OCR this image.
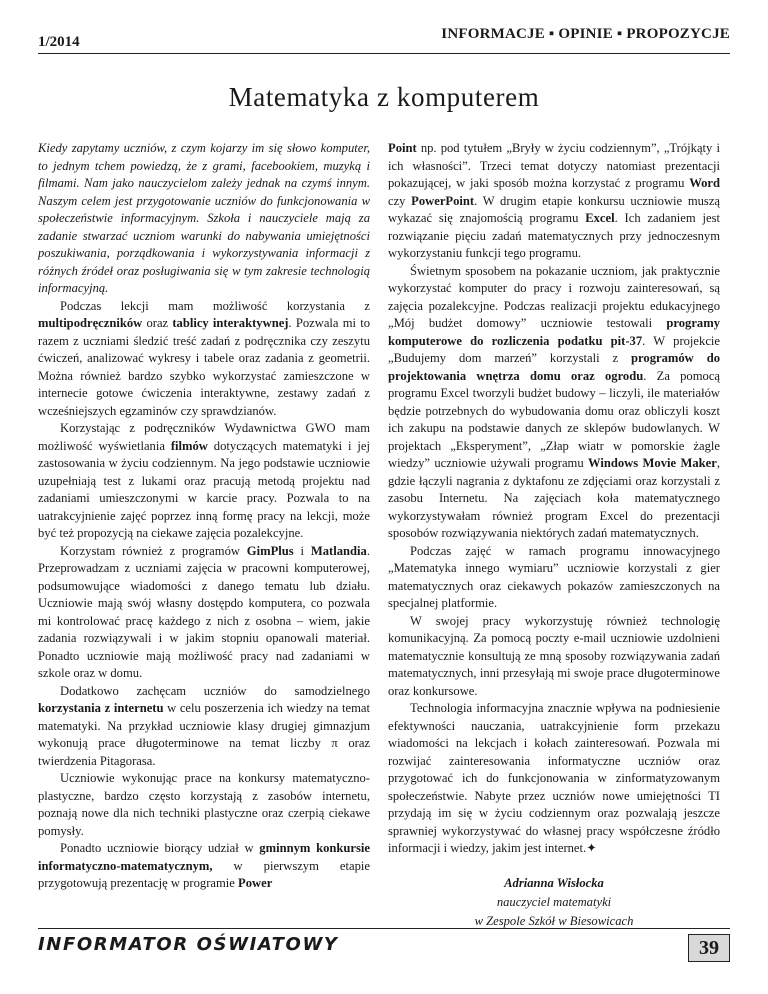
1/2014	INFORMACJE ▪ OPINIE ▪ PROPOZYCJE
Matematyka z komputerem

Kiedy zapytamy uczniów, z czym kojarzy im się słowo komputer, to jednym tchem powiedzą, że z grami, facebookiem, muzyką i filmami. Nam jako nauczycielom zależy jednak na czymś innym. Naszym celem jest przygotowanie uczniów do funkcjonowania w społeczeństwie informacyjnym. Szkoła i nauczyciele mają za zadanie stwarzać uczniom warunki do nabywania umiejętności poszukiwania, porządkowania i wykorzystywania informacji z różnych źródeł oraz posługiwania się w tym zakresie technologią informacyjną.

Podczas lekcji mam możliwość korzystania z multipodręczników oraz tablicy interaktywnej. Pozwala mi to razem z uczniami śledzić treść zadań z podręcznika czy zeszytu ćwiczeń, analizować wykresy i tabele oraz zadania z geometrii. Można również bardzo szybko wykorzystać zamieszczone w internecie gotowe ćwiczenia interaktywne, zestawy zadań z wcześniejszych egzaminów czy sprawdzianów.

Korzystając z podręczników Wydawnictwa GWO mam możliwość wyświetlania filmów dotyczących matematyki i jej zastosowania w życiu codziennym. Na jego podstawie uczniowie uzupełniają test z lukami oraz pracują metodą projektu nad zadaniami umieszczonymi w karcie pracy. Pozwala to na uatrakcyjnienie zajęć poprzez inną formę pracy na lekcji, może być też propozycją na ciekawe zajęcia pozalekcyjne.

Korzystam również z programów GimPlus i Matlandia. Przeprowadzam z uczniami zajęcia w pracowni komputerowej, podsumowujące wiadomości z danego tematu lub działu. Uczniowie mają swój własny dostępdo komputera, co pozwala mi kontrolować pracę każdego z nich z osobna – wiem, jakie zadania rozwiązywali i w jakim stopniu opanowali materiał. Ponadto uczniowie mają możliwość pracy nad zadaniami w szkole oraz w domu.

Dodatkowo zachęcam uczniów do samodzielnego korzystania z internetu w celu poszerzenia ich wiedzy na temat matematyki. Na przykład uczniowie klasy drugiej gimnazjum wykonują prace długoterminowe na temat liczby π oraz twierdzenia Pitagorasa.

Uczniowie wykonując prace na konkursy matematyczno-plastyczne, bardzo często korzystają z zasobów internetu, poznają nowe dla nich techniki plastyczne oraz czerpią ciekawe pomysły.

Ponadto uczniowie biorący udział w gminnym konkursie informatyczno-matematycznym, w pierwszym etapie przygotowują prezentację w programie Power

Point np. pod tytułem „Bryły w życiu codziennym”, „Trójkąty i ich własności”. Trzeci temat dotyczy natomiast prezentacji pokazującej, w jaki sposób można korzystać z programu Word czy PowerPoint. W drugim etapie konkursu uczniowie muszą wykazać się znajomością programu Excel. Ich zadaniem jest rozwiązanie pięciu zadań matematycznych przy jednoczesnym wykorzystaniu funkcji tego programu.

Świetnym sposobem na pokazanie uczniom, jak praktycznie wykorzystać komputer do pracy i rozwoju zainteresowań, są zajęcia pozalekcyjne. Podczas realizacji projektu edukacyjnego „Mój budżet domowy” uczniowie testowali programy komputerowe do rozliczenia podatku pit-37. W projekcie „Budujemy dom marzeń” korzystali z programów do projektowania wnętrza domu oraz ogrodu. Za pomocą programu Excel tworzyli budżet budowy – liczyli, ile materiałów będzie potrzebnych do wybudowania domu oraz obliczyli koszt ich zakupu na podstawie danych ze sklepów budowlanych. W projektach „Eksperyment”, „Złap wiatr w pomorskie żagle wiedzy” uczniowie używali programu Windows Movie Maker, gdzie łączyli nagrania z dyktafonu ze zdjęciami oraz korzystali z zasobu Internetu. Na zajęciach koła matematycznego wykorzystywałam również program Excel do prezentacji sposobów rozwiązywania niektórych zadań matematycznych.

Podczas zajęć w ramach programu innowacyjnego „Matematyka innego wymiaru” uczniowie korzystali z gier matematycznych oraz ciekawych pokazów zamieszczonych na specjalnej platformie.

W swojej pracy wykorzystuję również technologię komunikacyjną. Za pomocą poczty e-mail uczniowie uzdolnieni matematycznie konsultują ze mną sposoby rozwiązywania zadań matematycznych, inni przesyłają mi swoje prace długoterminowe oraz konkursowe.

Technologia informacyjna znacznie wpływa na podniesienie efektywności nauczania, uatrakcyjnienie form przekazu wiadomości na lekcjach i kołach zainteresowań. Pozwala mi rozwijać zainteresowania informatyczne uczniów oraz przygotować ich do funkcjonowania w zinformatyzowanym społeczeństwie. Nabyte przez uczniów nowe umiejętności TI przydają im się w życiu codziennym oraz pozwalają jeszcze sprawniej wykorzystywać do własnej pracy współczesne źródło informacji i wiedzy, jakim jest internet.✦

Adrianna Wisłocka
nauczyciel matematyki
w Zespole Szkół w Biesowicach
INFORMATOR OŚWIATOWY	39
